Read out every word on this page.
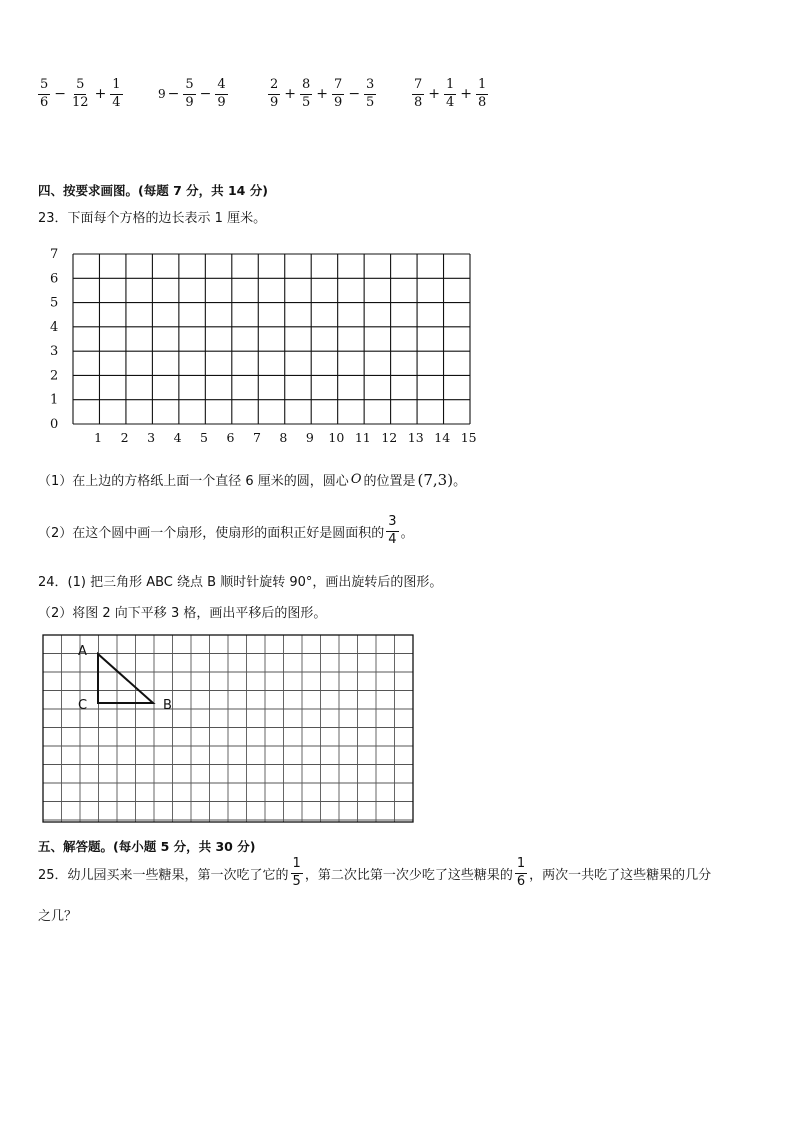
$\frac{5}{6} - \frac{5}{12} + \frac{1}{4}$	$9 - \frac{5}{9} - \frac{4}{9}$	$\frac{2}{9} + \frac{8}{5} + \frac{7}{9} - \frac{3}{5}$	$\frac{7}{8} + \frac{1}{4} + \frac{1}{8}$
四、按要求画图。(每题 7 分，共 14 分)
23．下面每个方格的边长表示 1 厘米。
0
1
2
3
4
5
6
7
1 2 3 4 5 6 7 8 9 10 11 12 13 14 15
（1）在上边的方格纸上面一个直径 6 厘米的圆，圆心 O 的位置是 (7,3) 。
（2）在这个圆中画一个扇形，使扇形的面积正好是圆面积的 $\frac{3}{4}$ 。
24．(1) 把三角形 ABC 绕点 B 顺时针旋转 90°，画出旋转后的图形。
（2）将图 2 向下平移 3 格，画出平移后的图形。
A
C	B
五、解答题。(每小题 5 分，共 30 分)
25．幼儿园买来一些糖果，第一次吃了它的 $\frac{1}{5}$ ，第二次比第一次少吃了这些糖果的 $\frac{1}{6}$ ，两次一共吃了这些糖果的几分
之几？
